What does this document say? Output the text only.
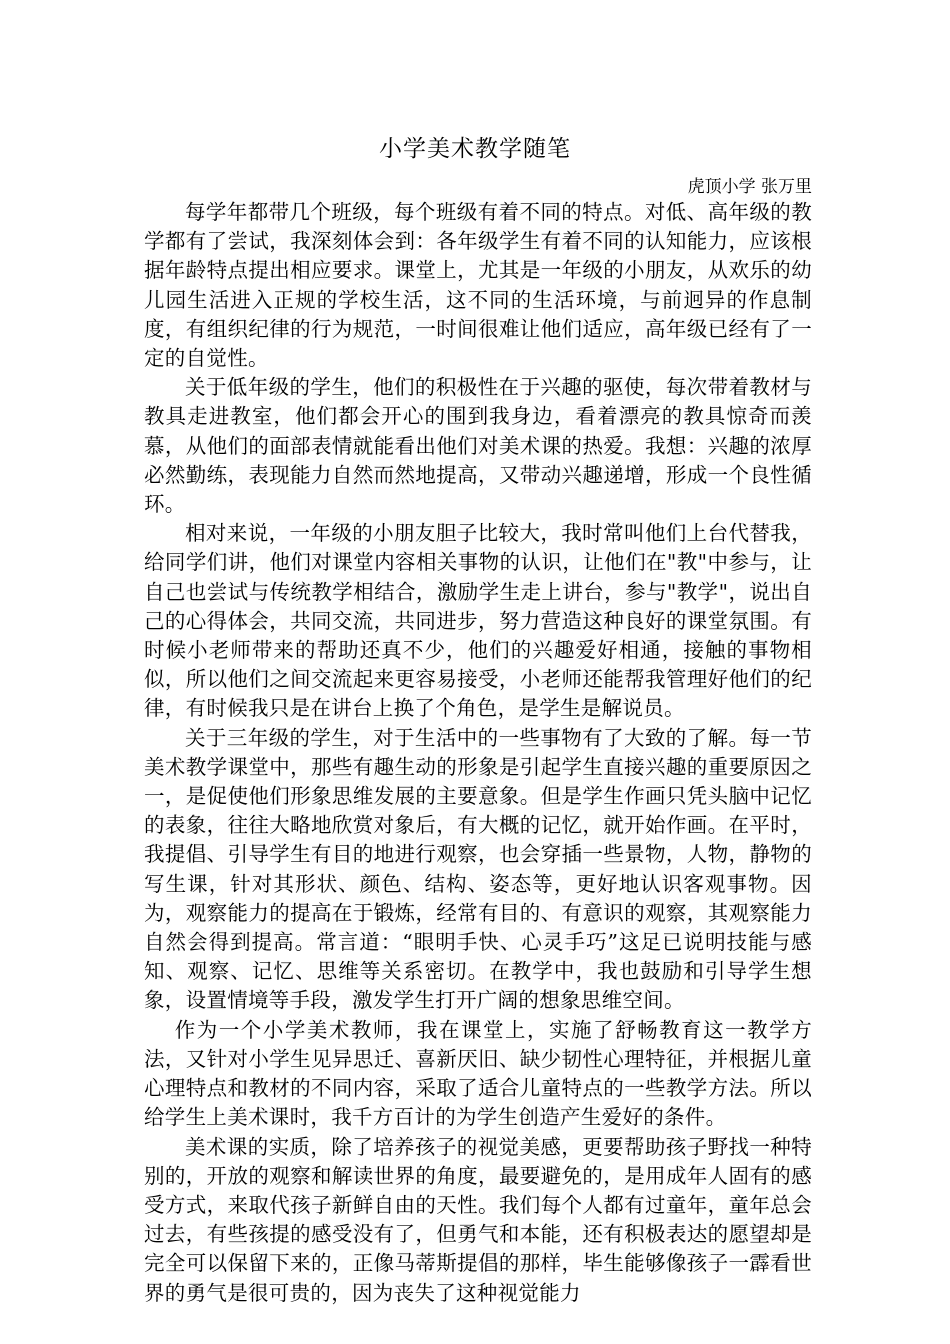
小学美术教学随笔
虎顶小学 张万里

每学年都带几个班级，每个班级有着不同的特点。对低、高年级的教学都有了尝试，我深刻体会到：各年级学生有着不同的认知能力，应该根据年龄特点提出相应要求。课堂上，尤其是一年级的小朋友，从欢乐的幼儿园生活进入正规的学校生活，这不同的生活环境，与前迥异的作息制度，有组织纪律的行为规范，一时间很难让他们适应，高年级已经有了一定的自觉性。

关于低年级的学生，他们的积极性在于兴趣的驱使，每次带着教材与教具走进教室，他们都会开心的围到我身边，看着漂亮的教具惊奇而羡慕，从他们的面部表情就能看出他们对美术课的热爱。我想：兴趣的浓厚必然勤练，表现能力自然而然地提高，又带动兴趣递增，形成一个良性循环。

相对来说，一年级的小朋友胆子比较大，我时常叫他们上台代替我，给同学们讲，他们对课堂内容相关事物的认识，让他们在"教"中参与，让自己也尝试与传统教学相结合，激励学生走上讲台，参与"教学"，说出自己的心得体会，共同交流，共同进步，努力营造这种良好的课堂氛围。有时候小老师带来的帮助还真不少，他们的兴趣爱好相通，接触的事物相似，所以他们之间交流起来更容易接受，小老师还能帮我管理好他们的纪律，有时候我只是在讲台上换了个角色，是学生是解说员。

关于三年级的学生，对于生活中的一些事物有了大致的了解。每一节美术教学课堂中，那些有趣生动的形象是引起学生直接兴趣的重要原因之一，是促使他们形象思维发展的主要意象。但是学生作画只凭头脑中记忆的表象，往往大略地欣赏对象后，有大概的记忆，就开始作画。在平时，我提倡、引导学生有目的地进行观察，也会穿插一些景物，人物，静物的写生课，针对其形状、颜色、结构、姿态等，更好地认识客观事物。因为，观察能力的提高在于锻炼，经常有目的、有意识的观察，其观察能力自然会得到提高。常言道：“眼明手快、心灵手巧”这足已说明技能与感知、观察、记忆、思维等关系密切。在教学中，我也鼓励和引导学生想象，设置情境等手段，激发学生打开广阔的想象思维空间。

作为一个小学美术教师，我在课堂上，实施了舒畅教育这一教学方法，又针对小学生见异思迁、喜新厌旧、缺少韧性心理特征，并根据儿童心理特点和教材的不同内容，采取了适合儿童特点的一些教学方法。所以给学生上美术课时，我千方百计的为学生创造产生爱好的条件。

美术课的实质，除了培养孩子的视觉美感，更要帮助孩子野找一种特别的，开放的观察和解读世界的角度，最要避免的，是用成年人固有的感受方式，来取代孩子新鲜自由的天性。我们每个人都有过童年，童年总会过去，有些孩提的感受没有了，但勇气和本能，还有积极表达的愿望却是完全可以保留下来的，正像马蒂斯提倡的那样，毕生能够像孩子一霹看世界的勇气是很可贵的，因为丧失了这种视觉能力
